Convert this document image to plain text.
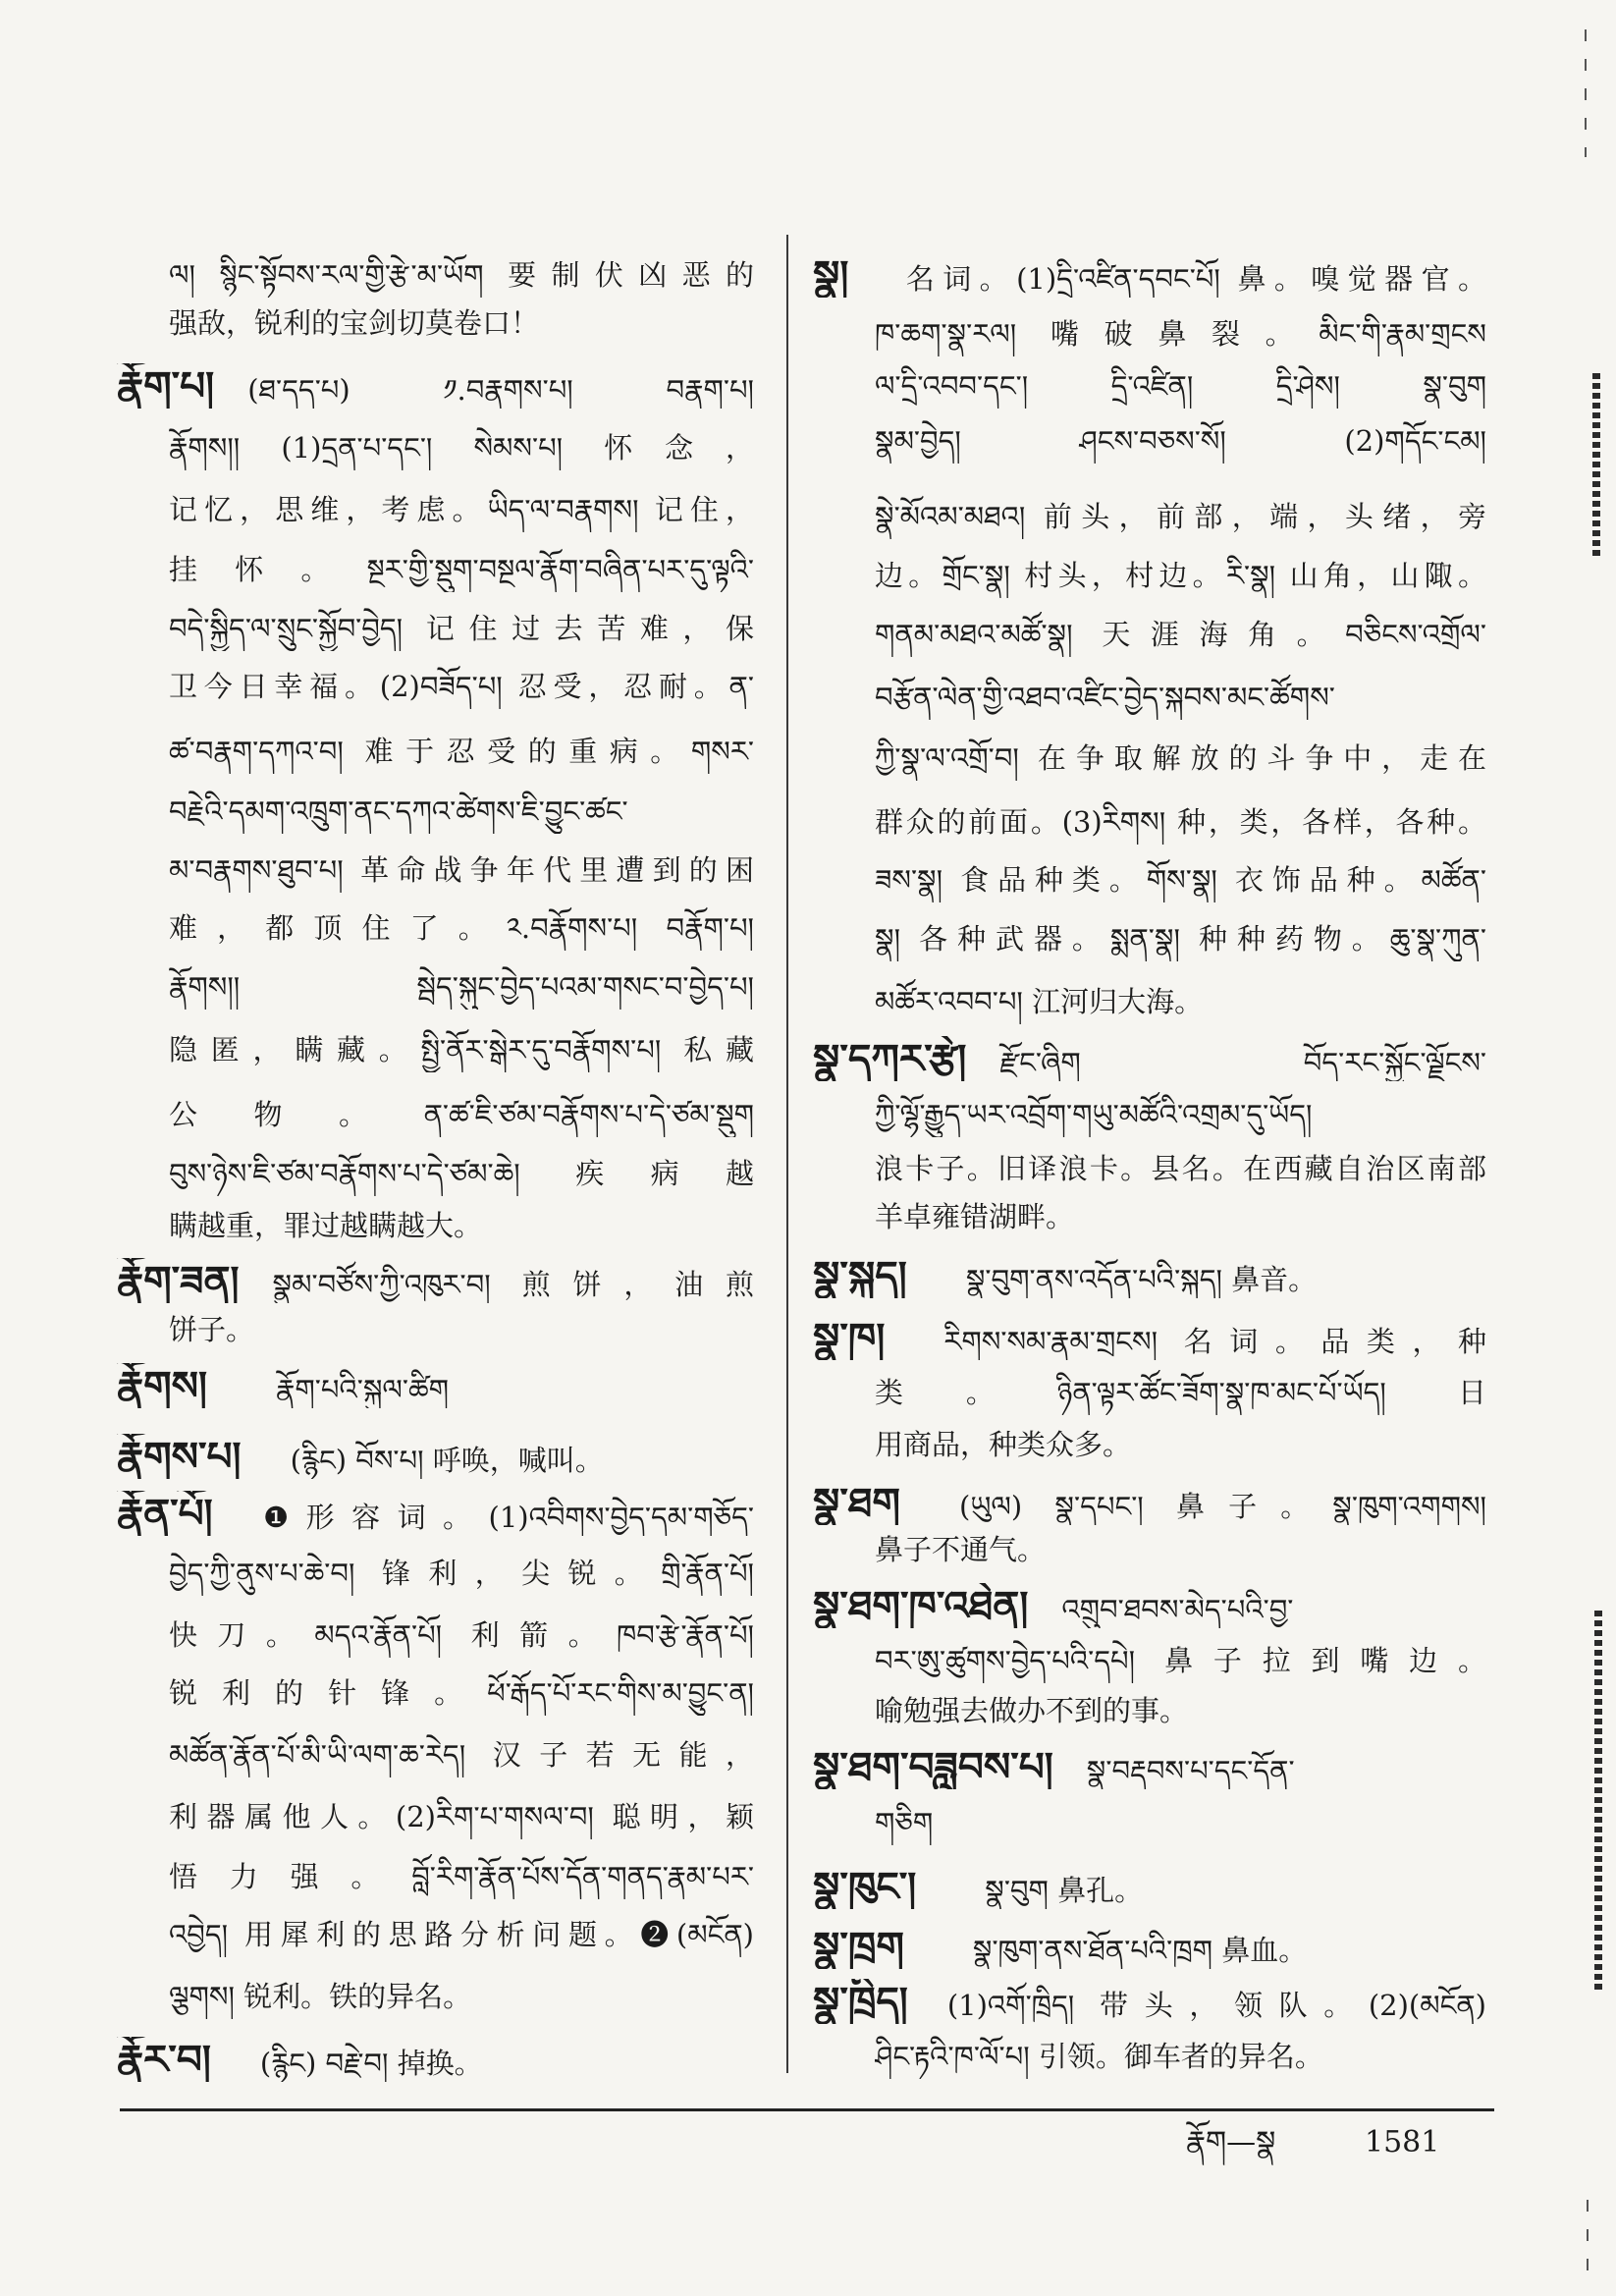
ལ། སྙིང་སྟོབས་རལ་གྱི་རྩེ་མ་ཡོག 要制伏凶恶的
强敌，锐利的宝剑切莫卷口！
རྣོག་པ། (ཐ་དད་པ) ༡.བརྣགས་པ། བརྣག་པ།
རྣོགས།། (1)དྲན་པ་དང་། སེམས་པ། 怀念，
记忆，思维，考虑。ཡིད་ལ་བརྣགས། 记住，
挂怀。སྔར་གྱི་སྡུག་བསྔལ་རྣོག་བཞིན་པར་དུ་ལྟའི་
བདེ་སྐྱིད་ལ་སྲུང་སྐྱོབ་བྱེད། 记住过去苦难，保
卫今日幸福。(2)བཟོད་པ། 忍受，忍耐。ན་
ཚ་བརྣག་དཀའ་བ། 难于忍受的重病。གསར་
བརྗེའི་དམག་འཁྲུག་ནང་དཀའ་ཚེགས་ཇི་བྱུང་ཚང་
མ་བརྣགས་ཐུབ་པ། 革命战争年代里遭到的困
难，都顶住了。༢.བརྣོགས་པ། བརྣོག་པ།
རྣོགས།། སྦེད་སྐུང་བྱེད་པའམ་གསང་བ་བྱེད་པ།
隐匿，瞒藏。སྤྱི་ནོར་སྒེར་དུ་བརྣོགས་པ། 私藏
公物。ན་ཚ་ཇི་ཙམ་བརྣོགས་པ་དེ་ཙམ་སྡུག
བུས་ཉེས་ཇི་ཙམ་བརྣོགས་པ་དེ་ཙམ་ཆེ། 疾病越
瞒越重，罪过越瞒越大。
རྣོག་ཟན། སྣུམ་བཙོས་ཀྱི་འཁུར་བ། 煎饼，油煎
饼子。
རྣོགས། རྣོག་པའི་སྐུལ་ཚིག
རྣོགས་པ། (རྙིང) བོས་པ། 呼唤，喊叫。
རྣོན་པོ། ❶形容词。(1)འབིགས་བྱེད་དམ་གཅོད་
བྱེད་ཀྱི་ནུས་པ་ཆེ་བ། 锋利，尖锐。གྲི་རྣོན་པོ།
快刀。མདའ་རྣོན་པོ། 利箭。ཁབ་རྩེ་རྣོན་པོ།
锐利的针锋。ཕོ་རྒོད་པོ་རང་གིས་མ་བྱུང་ན།
མཚོན་རྣོན་པོ་མི་ཡི་ལག་ཆ་རེད། 汉子若无能，
利器属他人。(2)རིག་པ་གསལ་བ། 聪明，颖
悟力强。བློ་རིག་རྣོན་པོས་དོན་གནད་རྣམ་པར་
འབྱེད། 用犀利的思路分析问题。❷(མངོན)
ལྕགས། 锐利。铁的异名。
རྣོར་བ། (རྙིང) བརྗེ་བ། 掉换。
སྣ། 名词。(1)དྲི་འཛིན་དབང་པོ། 鼻。嗅觉器官。
ཁ་ཆག་སྣ་རལ། 嘴破鼻裂。མིང་གི་རྣམ་གྲངས
ལ་དྲི་འབབ་དང་། དྲི་འཛིན། དྲི་ཤེས། སྣ་བུག
སྣམ་བྱེད། ཤངས་བཅས་སོ། (2)གདོང་ངམ།
སྣེ་མོའམ་མཐའ། 前头，前部，端，头绪，旁
边。གྲོང་སྣ། 村头，村边。རི་སྣ། 山角，山陬。
གནམ་མཐའ་མཚོ་སྣ། 天涯海角。བཅིངས་འགྲོལ་
བརྩོན་ལེན་གྱི་འཐབ་འཛིང་བྱེད་སྐབས་མང་ཚོགས་
ཀྱི་སྣ་ལ་འགྲོ་བ། 在争取解放的斗争中，走在
群众的前面。(3)རིགས། 种，类，各样，各种。
ཟས་སྣ། 食品种类。གོས་སྣ། 衣饰品种。མཚོན་
སྣ། 各种武器。སྨན་སྣ། 种种药物。ཆུ་སྣ་ཀུན་
མཚོར་འབབ་པ། 江河归大海。
སྣ་དཀར་རྩེ། རྫོང་ཞིག བོད་རང་སྐྱོང་ལྗོངས་
ཀྱི་ལྷོ་རྒྱུད་ཡར་འབྲོག་གཡུ་མཚོའི་འགྲམ་དུ་ཡོད།
浪卡子。旧译浪卡。县名。在西藏自治区南部
羊卓雍错湖畔。
སྣ་སྐད། སྣ་བུག་ནས་འདོན་པའི་སྐད། 鼻音。
སྣ་ཁ། རིགས་སམ་རྣམ་གྲངས། 名词。品类，种
类。ཉིན་ལྟར་ཚོང་ཟོག་སྣ་ཁ་མང་པོ་ཡོད། 日
用商品，种类众多。
སྣ་ཐག (ཡུལ) སྣ་དཔང་། 鼻子。སྣ་ཁུག་འགགས།
鼻子不通气。
སྣ་ཐག་ཁ་འཐེན། འགྲུབ་ཐབས་མེད་པའི་བྱ་
བར་ཨུ་ཚུགས་བྱེད་པའི་དཔེ། 鼻子拉到嘴边。
喻勉强去做办不到的事。
སྣ་ཐག་བཟླབས་པ། སྣ་བརྡབས་པ་དང་དོན་
གཅིག
སྣ་ཁུང་། སྣ་བུག 鼻孔。
སྣ་ཁྲག སྣ་ཁུག་ནས་ཐོན་པའི་ཁྲག 鼻血。
སྣ་ཁྲིད། (1)འགོ་ཁྲིད། 带头，领队。(2)(མངོན)
ཤིང་རྟའི་ཁ་ལོ་པ། 引领。御车者的异名。
རྣོག—སྣ	1581
